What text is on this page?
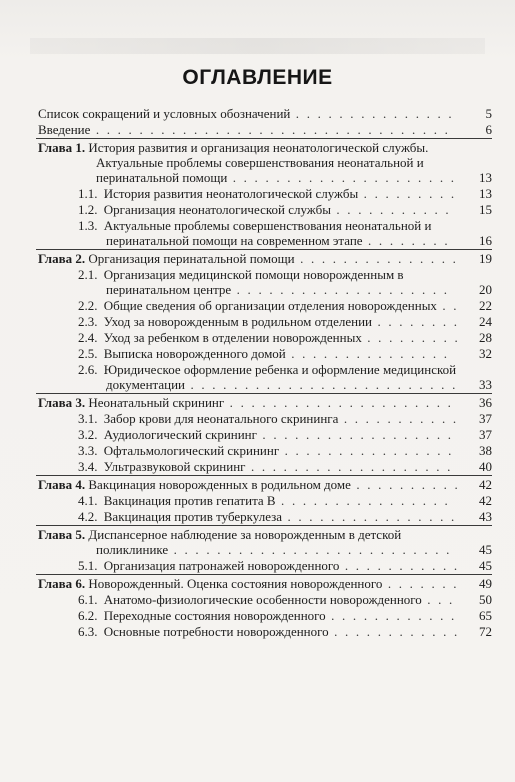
ОГЛАВЛЕНИЕ
Список сокращений и условных обозначений . . . . . . . . . . . . . . .	5
Введение . . . . . . . . . . . . . . . . . . . . . . . . . . . . . . . . .	6
Глава 1. История развития и организация неонатологической службы. Актуальные проблемы совершенствования неонатальной и перинатальной помощи . . . . . . . . . . . . . . . . . . . . .	13
1.1. История развития неонатологической службы . . . . . . . . .	13
1.2. Организация неонатологической службы . . . . . . . . . . .	15
1.3. Актуальные проблемы совершенствования неонатальной и перинатальной помощи на современном этапе . . . . . . . .	16
Глава 2. Организация перинатальной помощи . . . . . . . . . . . . . . .	19
2.1. Организация медицинской помощи новорожденным в перинатальном центре . . . . . . . . . . . . . . . . . . . .	20
2.2. Общие сведения об организации отделения новорожденных . .	22
2.3. Уход за новорожденным в родильном отделении . . . . . . . .	24
2.4. Уход за ребенком в отделении новорожденных . . . . . . . . .	28
2.5. Выписка новорожденного домой . . . . . . . . . . . . . . .	32
2.6. Юридическое оформление ребенка и оформление медицинской документации . . . . . . . . . . . . . . . . . . . . . . . . .	33
Глава 3. Неонатальный скрининг . . . . . . . . . . . . . . . . . . . . .	36
3.1. Забор крови для неонатального скрининга . . . . . . . . . . .	37
3.2. Аудиологический скрининг . . . . . . . . . . . . . . . . . .	37
3.3. Офтальмологический скрининг . . . . . . . . . . . . . . . .	38
3.4. Ультразвуковой скрининг . . . . . . . . . . . . . . . . . . .	40
Глава 4. Вакцинация новорожденных в родильном доме . . . . . . . . . .	42
4.1. Вакцинация против гепатита В . . . . . . . . . . . . . . . .	42
4.2. Вакцинация против туберкулеза . . . . . . . . . . . . . . . .	43
Глава 5. Диспансерное наблюдение за новорожденным в детской поликлинике . . . . . . . . . . . . . . . . . . . . . . . . . .	45
5.1. Организация патронажей новорожденного . . . . . . . . . . .	45
Глава 6. Новорожденный. Оценка состояния новорожденного . . . . . . .	49
6.1. Анатомо-физиологические особенности новорожденного . . .	50
6.2. Переходные состояния новорожденного . . . . . . . . . . . .	65
6.3. Основные потребности новорожденного . . . . . . . . . . . .	72
